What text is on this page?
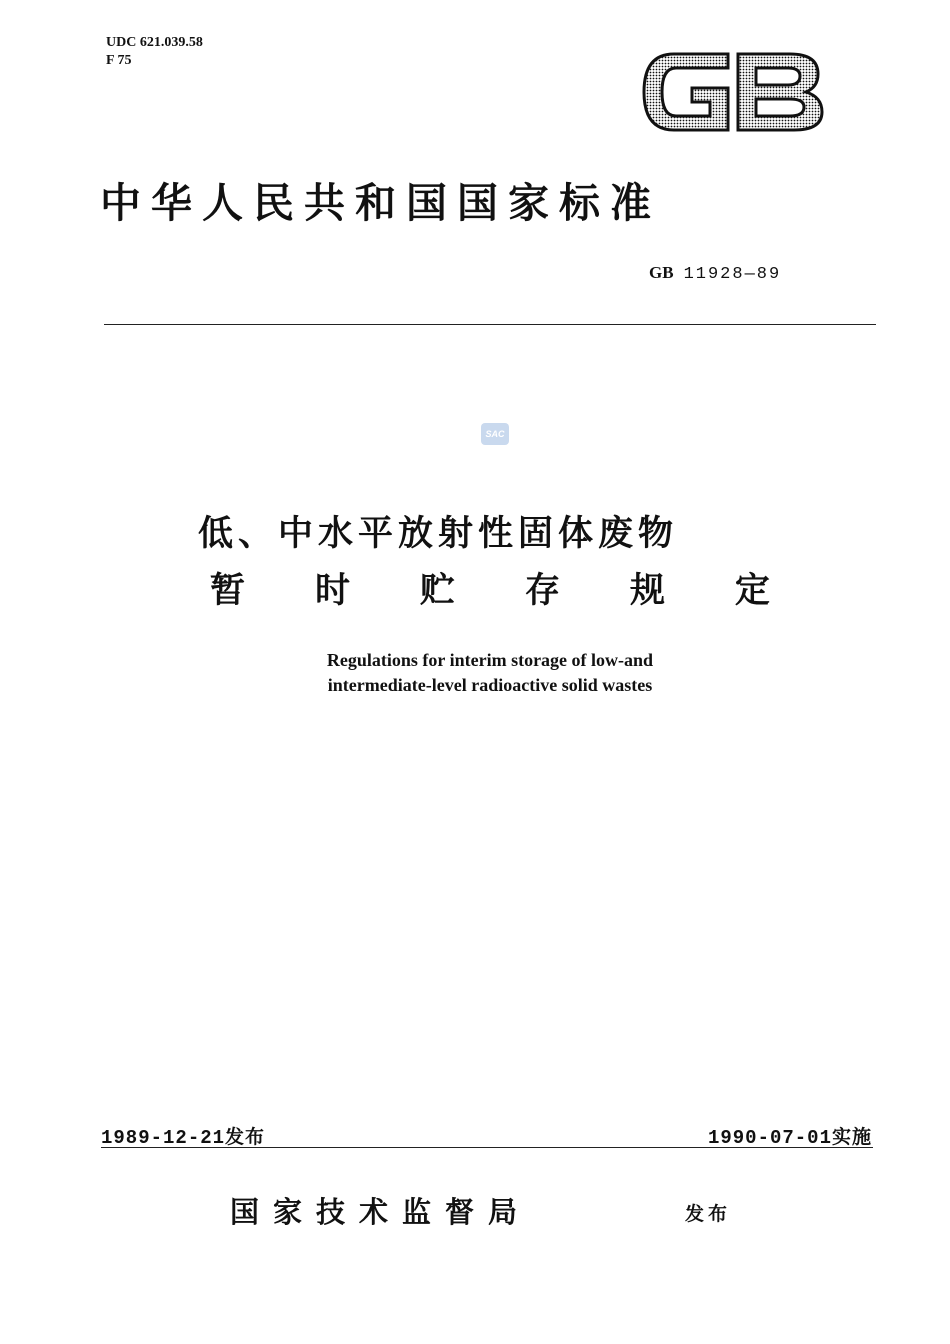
UDC 621.039.58
F 75
GB
中华人民共和国国家标准
GB 11928—89
SAC
低、中水平放射性固体废物
暂 时 贮 存 规 定
Regulations for interim storage of low-and
intermediate-level radioactive solid wastes
1989-12-21发布	1990-07-01实施
国家技术监督局	发布
